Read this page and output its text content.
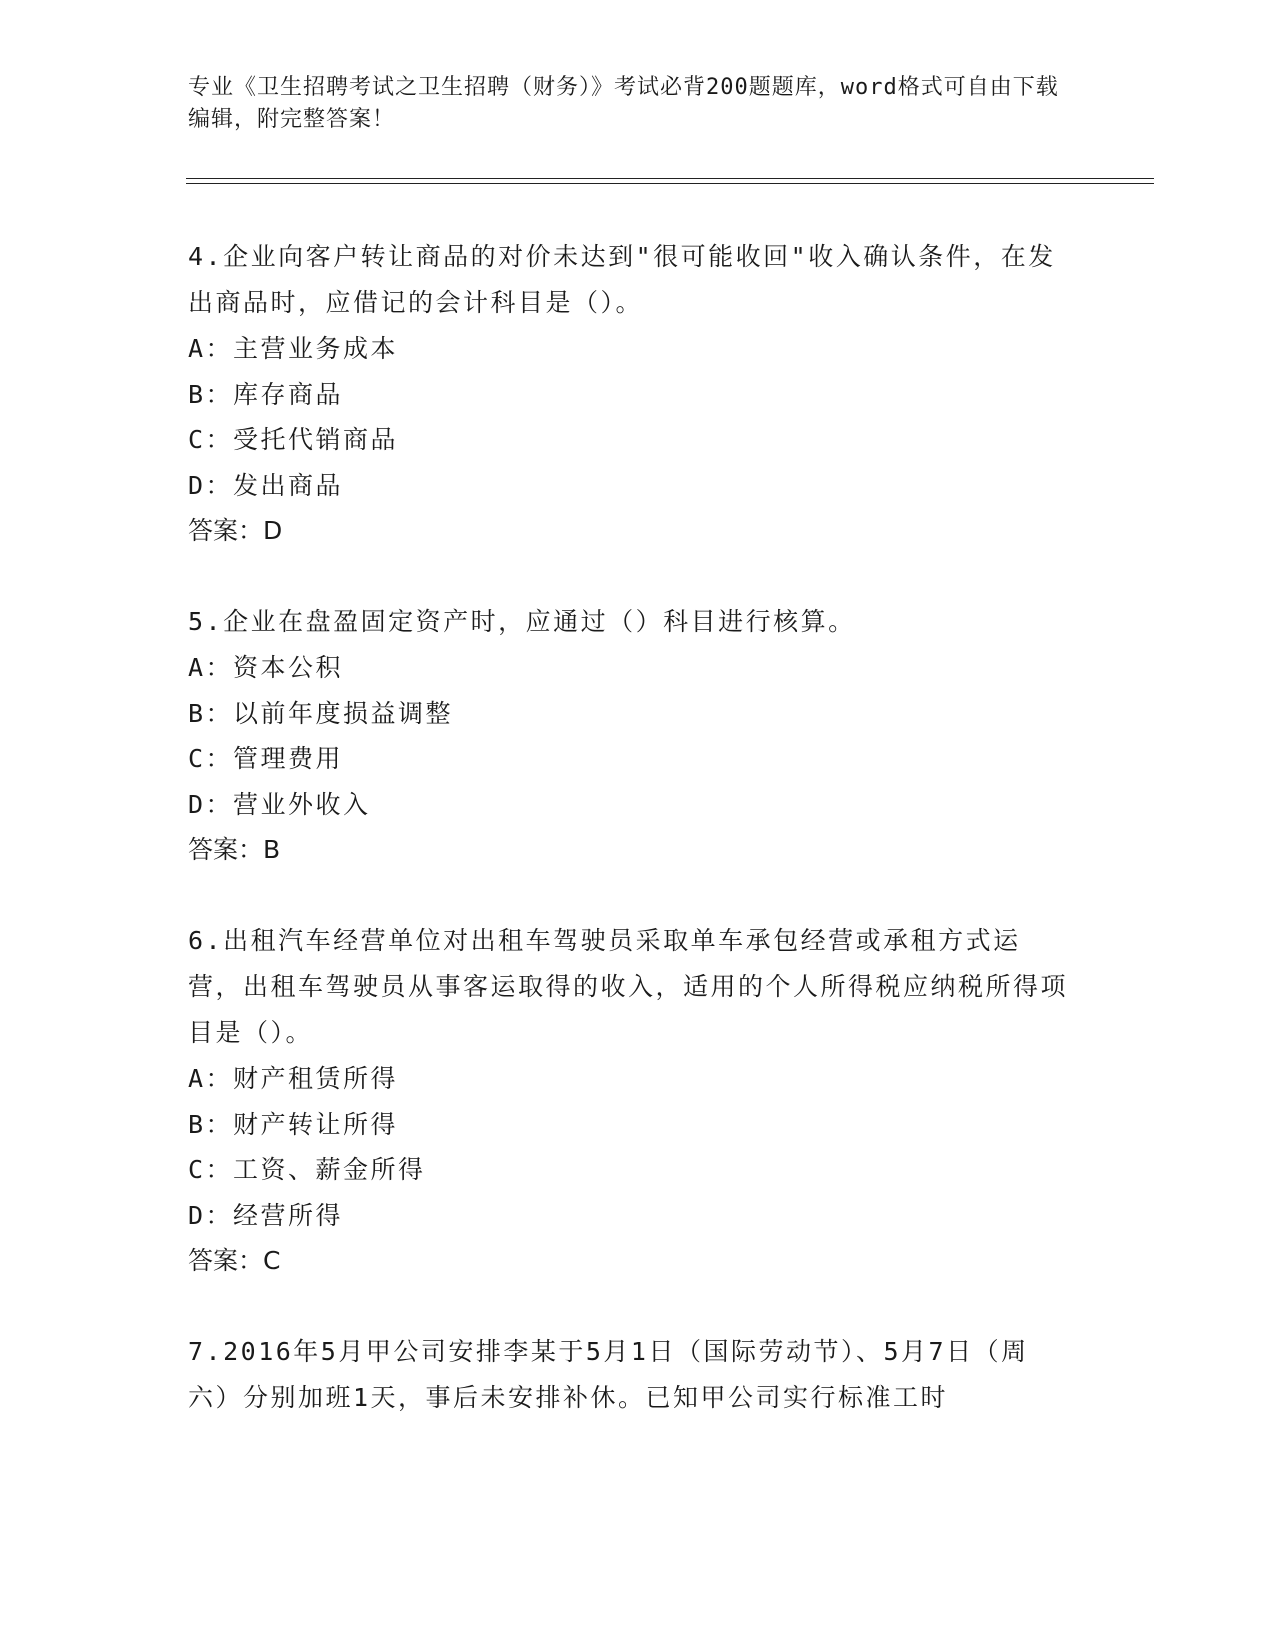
专业《卫生招聘考试之卫生招聘（财务）》考试必背200题题库，word格式可自由下载编辑，附完整答案！
4.企业向客户转让商品的对价未达到"很可能收回"收入确认条件，在发出商品时，应借记的会计科目是（）。
A：主营业务成本
B：库存商品
C：受托代销商品
D：发出商品
答案：D
5.企业在盘盈固定资产时，应通过（）科目进行核算。
A：资本公积
B：以前年度损益调整
C：管理费用
D：营业外收入
答案：B
6.出租汽车经营单位对出租车驾驶员采取单车承包经营或承租方式运营，出租车驾驶员从事客运取得的收入，适用的个人所得税应纳税所得项目是（）。
A：财产租赁所得
B：财产转让所得
C：工资、薪金所得
D：经营所得
答案：C
7.2016年5月甲公司安排李某于5月1日（国际劳动节）、5月7日（周六）分别加班1天，事后未安排补休。已知甲公司实行标准工时
